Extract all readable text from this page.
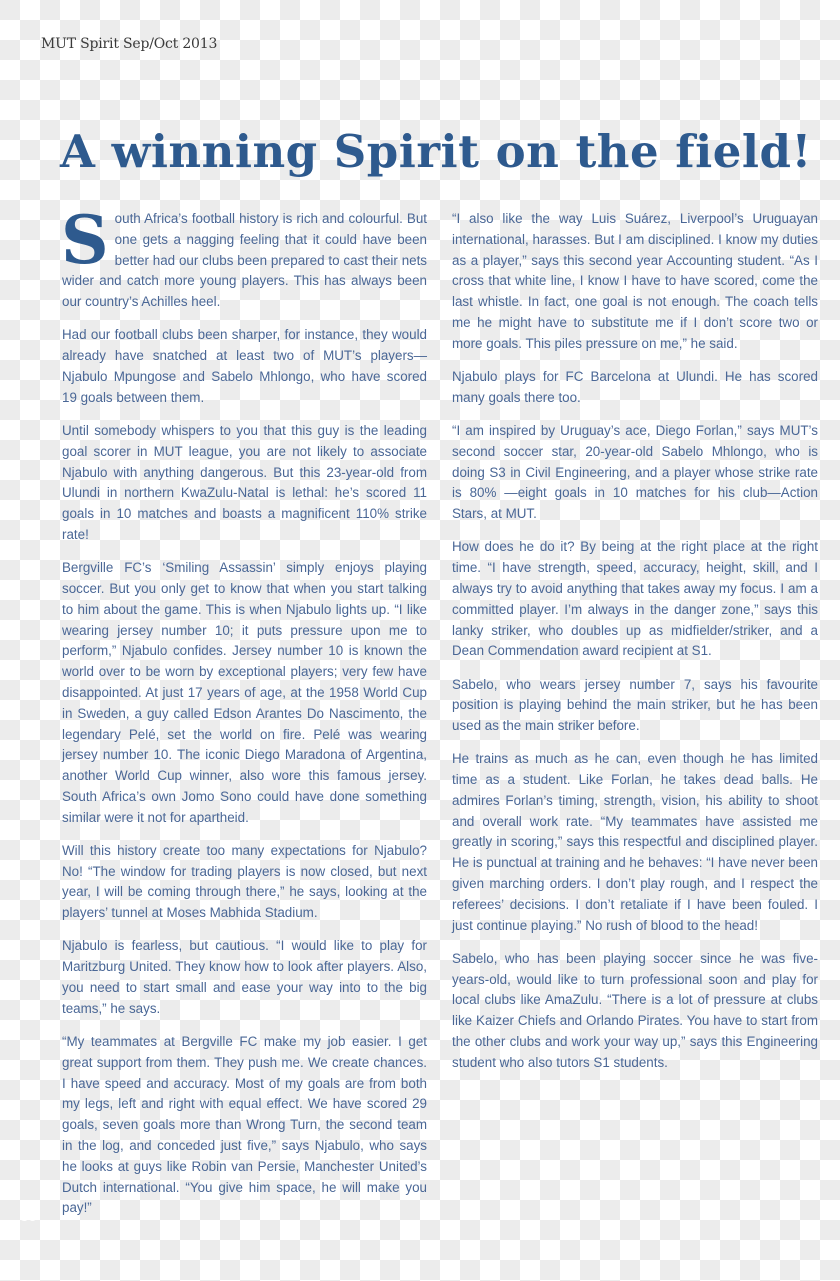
MUT Spirit Sep/Oct 2013
A winning Spirit on the field!

South Africa’s football history is rich and colourful. But one gets a nagging feeling that it could have been better had our clubs been prepared to cast their nets wider and catch more young players. This has always been our country’s Achilles heel.

Had our football clubs been sharper, for instance, they would already have snatched at least two of MUT’s players—Njabulo Mpungose and Sabelo Mhlongo, who have scored 19 goals between them.

Until somebody whispers to you that this guy is the leading goal scorer in MUT league, you are not likely to associate Njabulo with anything dangerous. But this 23-year-old from Ulundi in northern KwaZulu-Natal is lethal: he’s scored 11 goals in 10 matches and boasts a magnificent 110% strike rate!

Bergville FC’s ‘Smiling Assassin’ simply enjoys playing soccer. But you only get to know that when you start talking to him about the game. This is when Njabulo lights up. “I like wearing jersey number 10; it puts pressure upon me to perform,” Njabulo confides. Jersey number 10 is known the world over to be worn by exceptional players; very few have disappointed. At just 17 years of age, at the 1958 World Cup in Sweden, a guy called Edson Arantes Do Nascimento, the legendary Pelé, set the world on fire. Pelé was wearing jersey number 10. The iconic Diego Maradona of Argentina, another World Cup winner, also wore this famous jersey. South Africa’s own Jomo Sono could have done something similar were it not for apartheid.

Will this history create too many expectations for Njabulo? No! “The window for trading players is now closed, but next year, I will be coming through there,” he says, looking at the players’ tunnel at Moses Mabhida Stadium.

Njabulo is fearless, but cautious. “I would like to play for Maritzburg United. They know how to look after players. Also, you need to start small and ease your way into to the big teams,” he says.

“My teammates at Bergville FC make my job easier. I get great support from them. They push me. We create chances. I have speed and accuracy. Most of my goals are from both my legs, left and right with equal effect. We have scored 29 goals, seven goals more than Wrong Turn, the second team in the log, and conceded just five,” says Njabulo, who says he looks at guys like Robin van Persie, Manchester United’s Dutch international. “You give him space, he will make you pay!”

“I also like the way Luis Suárez, Liverpool’s Uruguayan international, harasses. But I am disciplined. I know my duties as a player,” says this second year Accounting student. “As I cross that white line, I know I have to have scored, come the last whistle. In fact, one goal is not enough. The coach tells me he might have to substitute me if I don’t score two or more goals. This piles pressure on me,” he said.

Njabulo plays for FC Barcelona at Ulundi. He has scored many goals there too.

“I am inspired by Uruguay’s ace, Diego Forlan,” says MUT’s second soccer star, 20-year-old Sabelo Mhlongo, who is doing S3 in Civil Engineering, and a player whose strike rate is 80% —eight goals in 10 matches for his club—Action Stars, at MUT.

How does he do it? By being at the right place at the right time. “I have strength, speed, accuracy, height, skill, and I always try to avoid anything that takes away my focus. I am a committed player. I’m always in the danger zone,” says this lanky striker, who doubles up as midfielder/striker, and a Dean Commendation award recipient at S1.

Sabelo, who wears jersey number 7, says his favourite position is playing behind the main striker, but he has been used as the main striker before.

He trains as much as he can, even though he has limited time as a student. Like Forlan, he takes dead balls. He admires Forlan’s timing, strength, vision, his ability to shoot and overall work rate. “My teammates have assisted me greatly in scoring,” says this respectful and disciplined player. He is punctual at training and he behaves: “I have never been given marching orders. I don’t play rough, and I respect the referees’ decisions. I don’t retaliate if I have been fouled. I just continue playing.” No rush of blood to the head!

Sabelo, who has been playing soccer since he was five-years-old, would like to turn professional soon and play for local clubs like AmaZulu. “There is a lot of pressure at clubs like Kaizer Chiefs and Orlando Pirates. You have to start from the other clubs and work your way up,” says this Engineering student who also tutors S1 students.

30
